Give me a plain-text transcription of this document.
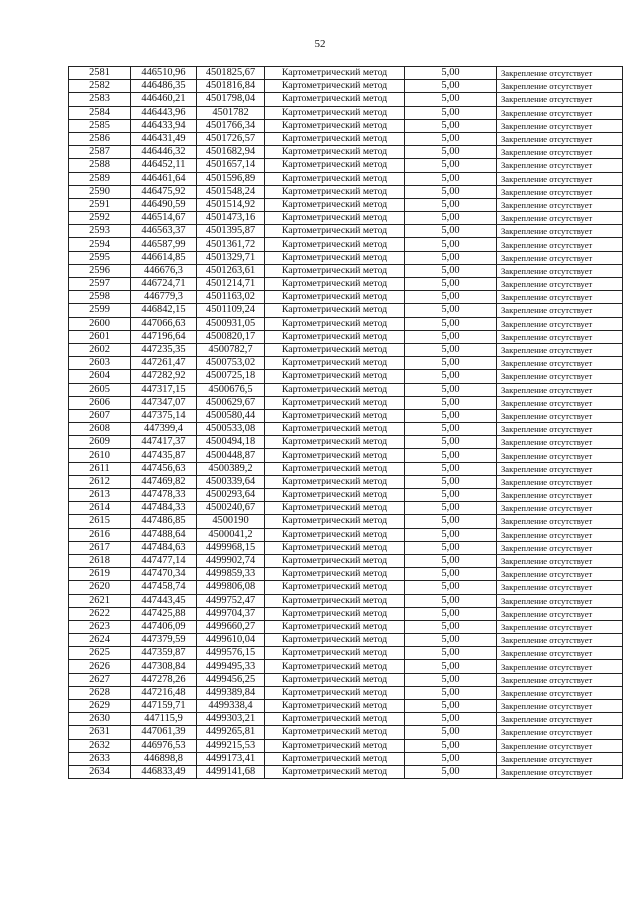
52
2581	446510,96	4501825,67	Картометрический метод	5,00	Закрепление отсутствует
2582	446486,35	4501816,84	Картометрический метод	5,00	Закрепление отсутствует
2583	446460,21	4501798,04	Картометрический метод	5,00	Закрепление отсутствует
2584	446443,96	4501782	Картометрический метод	5,00	Закрепление отсутствует
2585	446433,94	4501766,34	Картометрический метод	5,00	Закрепление отсутствует
2586	446431,49	4501726,57	Картометрический метод	5,00	Закрепление отсутствует
2587	446446,32	4501682,94	Картометрический метод	5,00	Закрепление отсутствует
2588	446452,11	4501657,14	Картометрический метод	5,00	Закрепление отсутствует
2589	446461,64	4501596,89	Картометрический метод	5,00	Закрепление отсутствует
2590	446475,92	4501548,24	Картометрический метод	5,00	Закрепление отсутствует
2591	446490,59	4501514,92	Картометрический метод	5,00	Закрепление отсутствует
2592	446514,67	4501473,16	Картометрический метод	5,00	Закрепление отсутствует
2593	446563,37	4501395,87	Картометрический метод	5,00	Закрепление отсутствует
2594	446587,99	4501361,72	Картометрический метод	5,00	Закрепление отсутствует
2595	446614,85	4501329,71	Картометрический метод	5,00	Закрепление отсутствует
2596	446676,3	4501263,61	Картометрический метод	5,00	Закрепление отсутствует
2597	446724,71	4501214,71	Картометрический метод	5,00	Закрепление отсутствует
2598	446779,3	4501163,02	Картометрический метод	5,00	Закрепление отсутствует
2599	446842,15	4501109,24	Картометрический метод	5,00	Закрепление отсутствует
2600	447066,63	4500931,05	Картометрический метод	5,00	Закрепление отсутствует
2601	447196,64	4500820,17	Картометрический метод	5,00	Закрепление отсутствует
2602	447235,35	4500782,7	Картометрический метод	5,00	Закрепление отсутствует
2603	447261,47	4500753,02	Картометрический метод	5,00	Закрепление отсутствует
2604	447282,92	4500725,18	Картометрический метод	5,00	Закрепление отсутствует
2605	447317,15	4500676,5	Картометрический метод	5,00	Закрепление отсутствует
2606	447347,07	4500629,67	Картометрический метод	5,00	Закрепление отсутствует
2607	447375,14	4500580,44	Картометрический метод	5,00	Закрепление отсутствует
2608	447399,4	4500533,08	Картометрический метод	5,00	Закрепление отсутствует
2609	447417,37	4500494,18	Картометрический метод	5,00	Закрепление отсутствует
2610	447435,87	4500448,87	Картометрический метод	5,00	Закрепление отсутствует
2611	447456,63	4500389,2	Картометрический метод	5,00	Закрепление отсутствует
2612	447469,82	4500339,64	Картометрический метод	5,00	Закрепление отсутствует
2613	447478,33	4500293,64	Картометрический метод	5,00	Закрепление отсутствует
2614	447484,33	4500240,67	Картометрический метод	5,00	Закрепление отсутствует
2615	447486,85	4500190	Картометрический метод	5,00	Закрепление отсутствует
2616	447488,64	4500041,2	Картометрический метод	5,00	Закрепление отсутствует
2617	447484,63	4499968,15	Картометрический метод	5,00	Закрепление отсутствует
2618	447477,14	4499902,74	Картометрический метод	5,00	Закрепление отсутствует
2619	447470,34	4499859,33	Картометрический метод	5,00	Закрепление отсутствует
2620	447458,74	4499806,08	Картометрический метод	5,00	Закрепление отсутствует
2621	447443,45	4499752,47	Картометрический метод	5,00	Закрепление отсутствует
2622	447425,88	4499704,37	Картометрический метод	5,00	Закрепление отсутствует
2623	447406,09	4499660,27	Картометрический метод	5,00	Закрепление отсутствует
2624	447379,59	4499610,04	Картометрический метод	5,00	Закрепление отсутствует
2625	447359,87	4499576,15	Картометрический метод	5,00	Закрепление отсутствует
2626	447308,84	4499495,33	Картометрический метод	5,00	Закрепление отсутствует
2627	447278,26	4499456,25	Картометрический метод	5,00	Закрепление отсутствует
2628	447216,48	4499389,84	Картометрический метод	5,00	Закрепление отсутствует
2629	447159,71	4499338,4	Картометрический метод	5,00	Закрепление отсутствует
2630	447115,9	4499303,21	Картометрический метод	5,00	Закрепление отсутствует
2631	447061,39	4499265,81	Картометрический метод	5,00	Закрепление отсутствует
2632	446976,53	4499215,53	Картометрический метод	5,00	Закрепление отсутствует
2633	446898,8	4499173,41	Картометрический метод	5,00	Закрепление отсутствует
2634	446833,49	4499141,68	Картометрический метод	5,00	Закрепление отсутствует
